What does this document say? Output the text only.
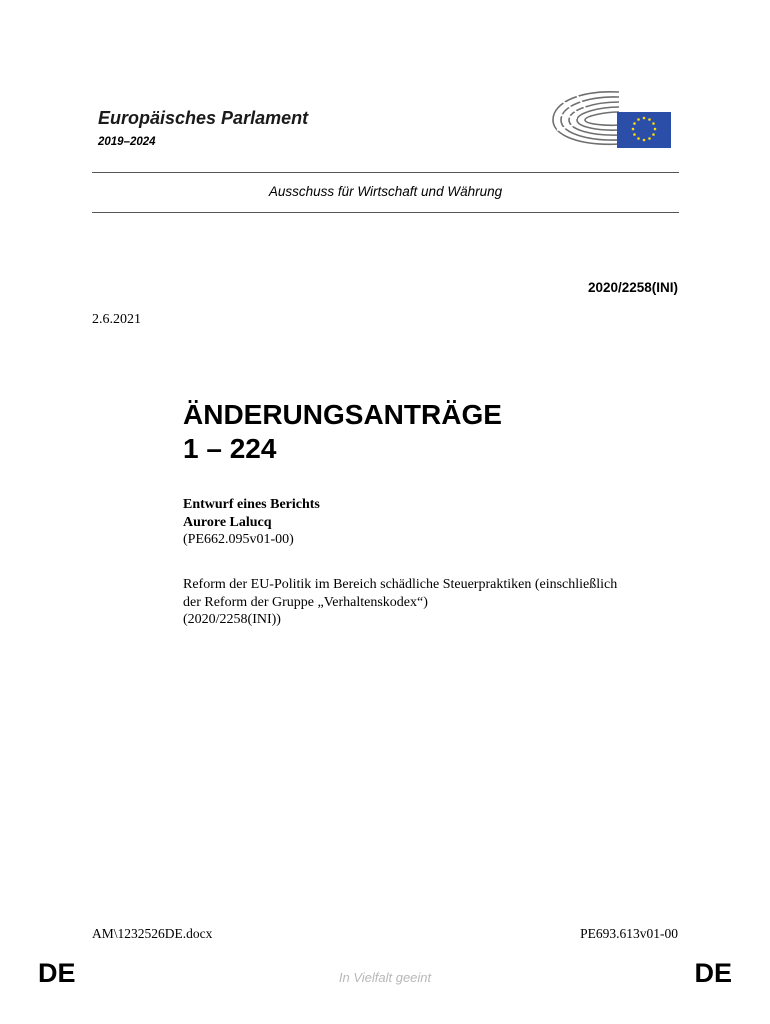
Europäisches Parlament
2019–2024
Ausschuss für Wirtschaft und Währung
2020/2258(INI)
2.6.2021
ÄNDERUNGSANTRÄGE
1 – 224
Entwurf eines Berichts
Aurore Lalucq
(PE662.095v01-00)
Reform der EU-Politik im Bereich schädliche Steuerpraktiken (einschließlich
der Reform der Gruppe „Verhaltenskodex“)
(2020/2258(INI))
AM\1232526DE.docx	PE693.613v01-00
DE	In Vielfalt geeint	DE
